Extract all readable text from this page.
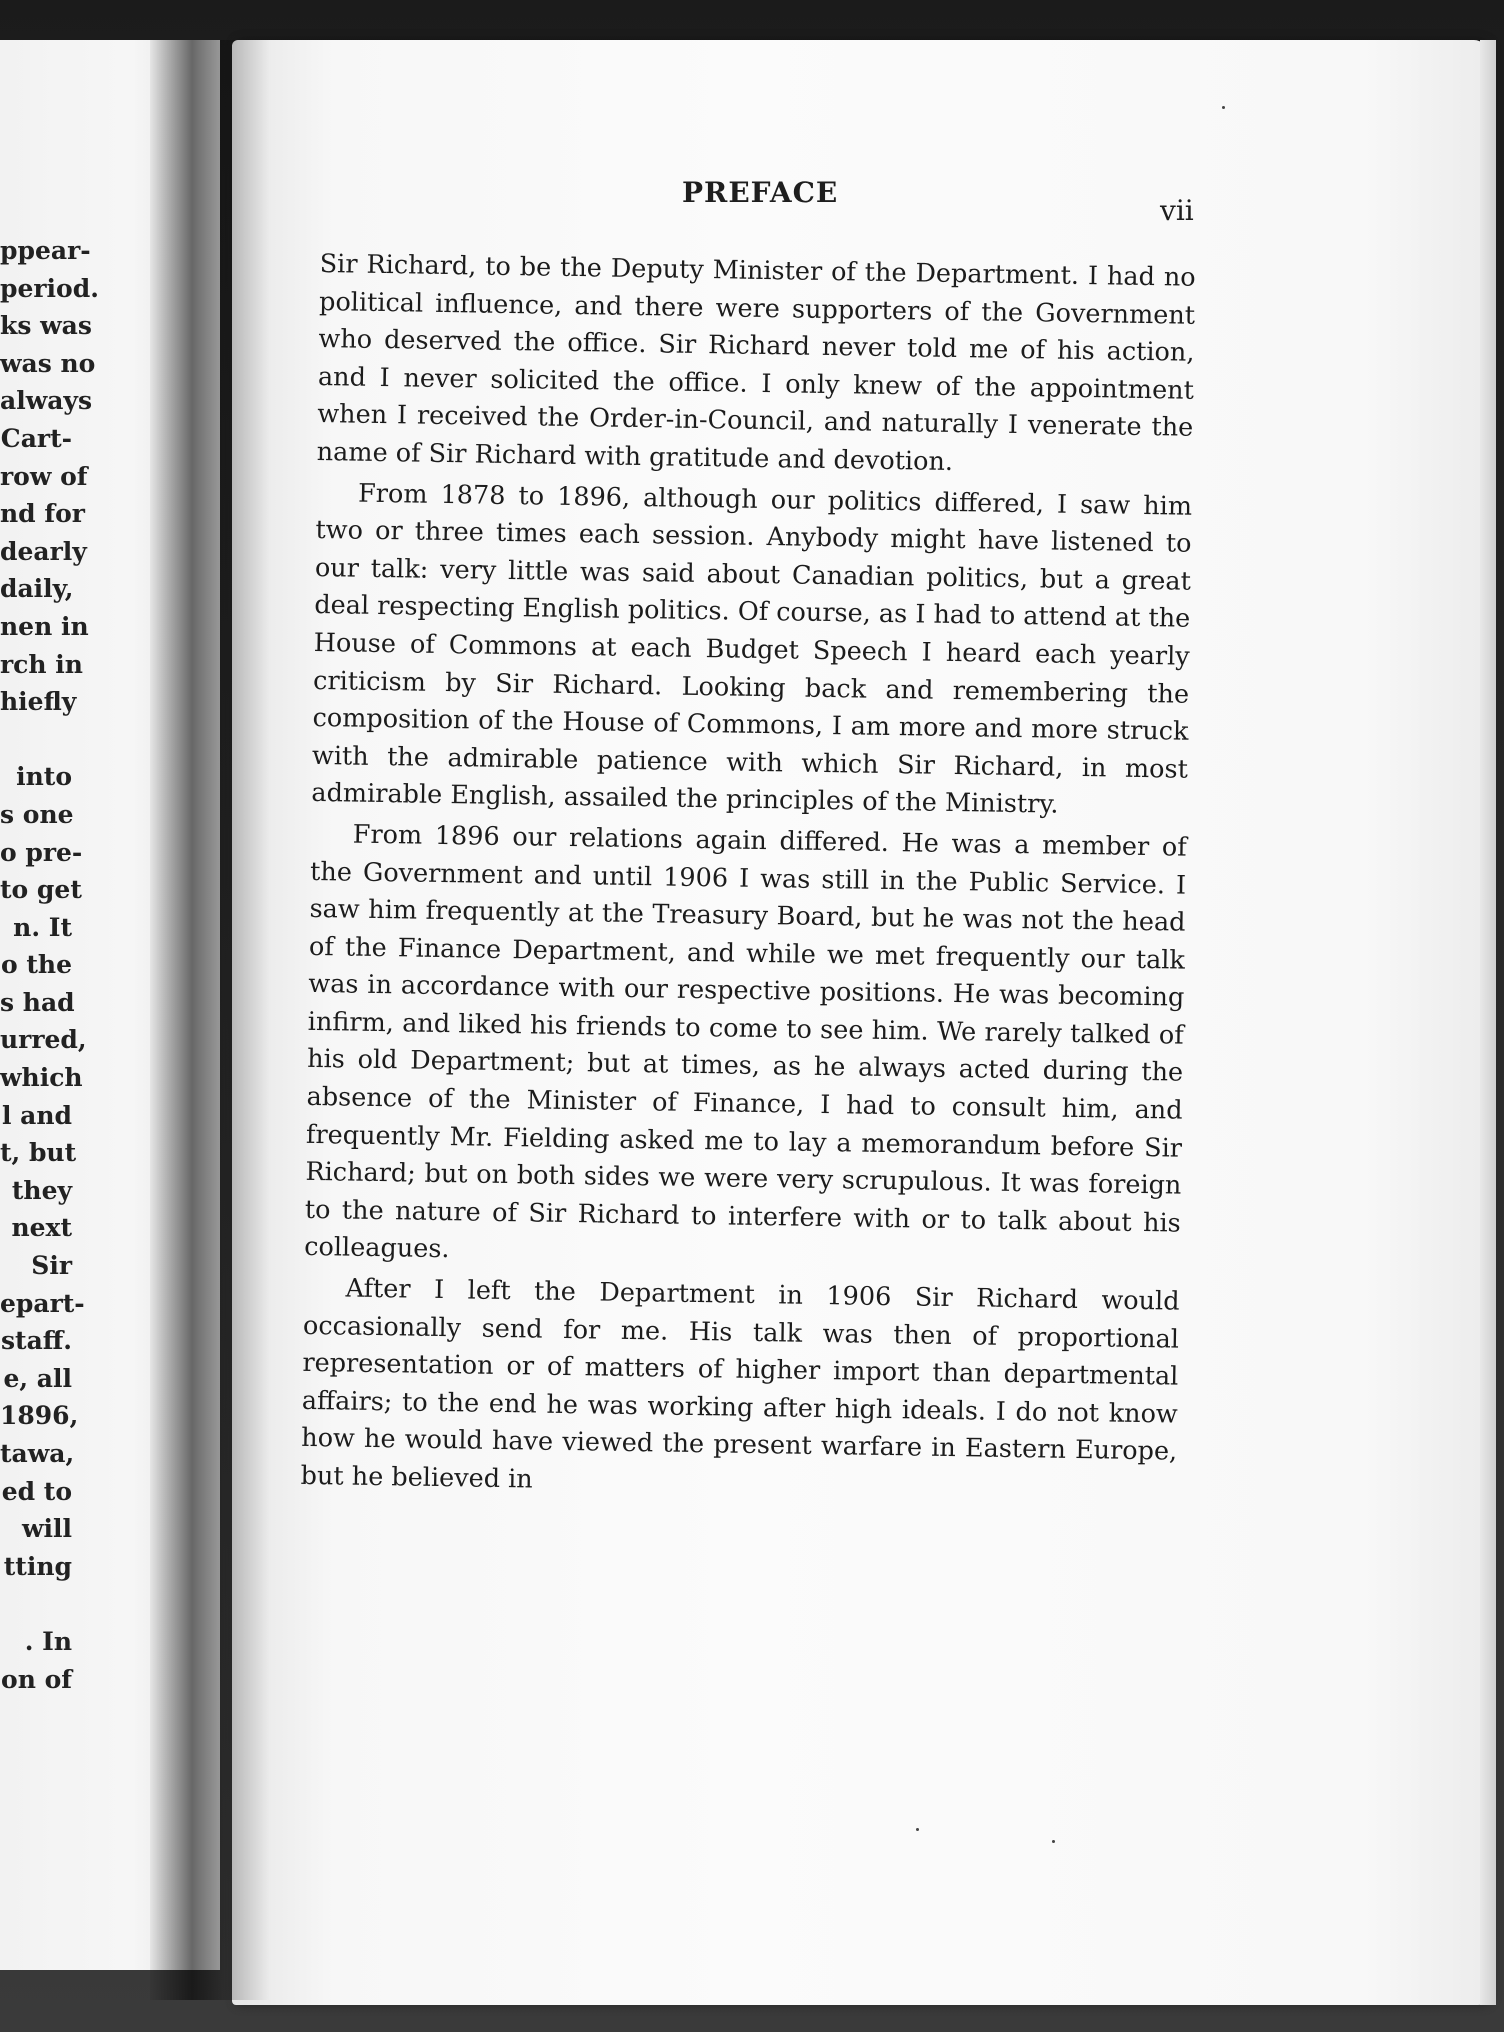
ppear-
period.
ks was
was no
always
Cart-
row of
nd for
dearly
daily,
nen in
rch in
hiefly
into
s one
o pre-
to get
n. It
o the
s had
urred,
which
l and
t, but
they
next
Sir
epart-
staff.
e, all
1896,
tawa,
ed to
will
tting
. In
on of
PREFACE
vii

Sir Richard, to be the Deputy Minister of the Department. I had no political influence, and there were supporters of the Government who deserved the office. Sir Richard never told me of his action, and I never solicited the office. I only knew of the appointment when I received the Order-in-Council, and naturally I venerate the name of Sir Richard with gratitude and devotion.

From 1878 to 1896, although our politics differed, I saw him two or three times each session. Anybody might have listened to our talk: very little was said about Canadian politics, but a great deal respecting English politics. Of course, as I had to attend at the House of Commons at each Budget Speech I heard each yearly criticism by Sir Richard. Looking back and remembering the composition of the House of Commons, I am more and more struck with the admirable patience with which Sir Richard, in most admirable English, assailed the principles of the Ministry.

From 1896 our relations again differed. He was a member of the Government and until 1906 I was still in the Public Service. I saw him frequently at the Treasury Board, but he was not the head of the Finance Department, and while we met frequently our talk was in accordance with our respective positions. He was becoming infirm, and liked his friends to come to see him. We rarely talked of his old Department; but at times, as he always acted during the absence of the Minister of Finance, I had to consult him, and frequently Mr. Fielding asked me to lay a memorandum before Sir Richard; but on both sides we were very scrupulous. It was foreign to the nature of Sir Richard to interfere with or to talk about his colleagues.

After I left the Department in 1906 Sir Richard would occasionally send for me. His talk was then of proportional representation or of matters of higher import than departmental affairs; to the end he was working after high ideals. I do not know how he would have viewed the present warfare in Eastern Europe, but he believed in
